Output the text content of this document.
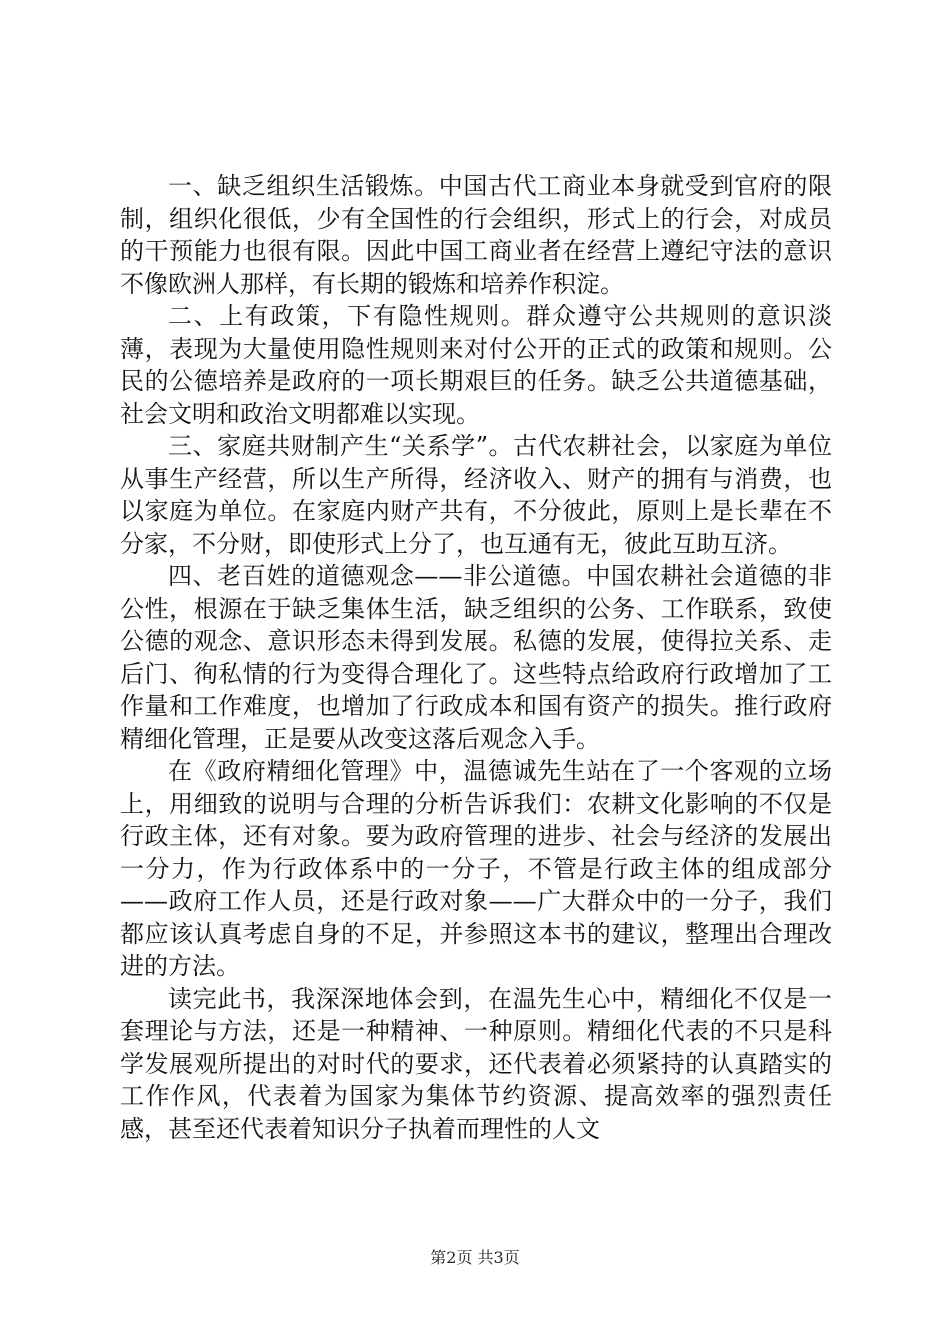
一、缺乏组织生活锻炼。中国古代工商业本身就受到官府的限制，组织化很低，少有全国性的行会组织，形式上的行会，对成员的干预能力也很有限。因此中国工商业者在经营上遵纪守法的意识不像欧洲人那样，有长期的锻炼和培养作积淀。

二、上有政策，下有隐性规则。群众遵守公共规则的意识淡薄，表现为大量使用隐性规则来对付公开的正式的政策和规则。公民的公德培养是政府的一项长期艰巨的任务。缺乏公共道德基础，社会文明和政治文明都难以实现。

三、家庭共财制产生“关系学”。古代农耕社会，以家庭为单位从事生产经营，所以生产所得，经济收入、财产的拥有与消费，也以家庭为单位。在家庭内财产共有，不分彼此，原则上是长辈在不分家，不分财，即使形式上分了，也互通有无，彼此互助互济。

四、老百姓的道德观念——非公道德。中国农耕社会道德的非公性，根源在于缺乏集体生活，缺乏组织的公务、工作联系，致使公德的观念、意识形态未得到发展。私德的发展，使得拉关系、走后门、徇私情的行为变得合理化了。这些特点给政府行政增加了工作量和工作难度，也增加了行政成本和国有资产的损失。推行政府精细化管理，正是要从改变这落后观念入手。

在《政府精细化管理》中，温德诚先生站在了一个客观的立场上，用细致的说明与合理的分析告诉我们：农耕文化影响的不仅是行政主体，还有对象。要为政府管理的进步、社会与经济的发展出一分力，作为行政体系中的一分子，不管是行政主体的组成部分——政府工作人员，还是行政对象——广大群众中的一分子，我们都应该认真考虑自身的不足，并参照这本书的建议，整理出合理改进的方法。

读完此书，我深深地体会到，在温先生心中，精细化不仅是一套理论与方法，还是一种精神、一种原则。精细化代表的不只是科学发展观所提出的对时代的要求，还代表着必须紧持的认真踏实的工作作风，代表着为国家为集体节约资源、提高效率的强烈责任感，甚至还代表着知识分子执着而理性的人文

第2页 共3页
